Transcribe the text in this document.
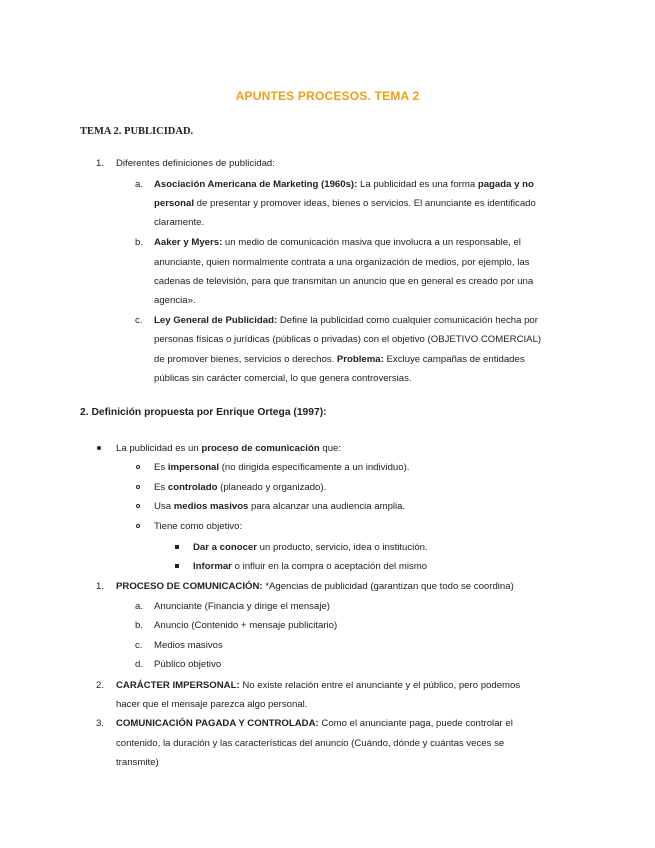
APUNTES PROCESOS. TEMA 2
TEMA 2. PUBLICIDAD.
1. Diferentes definiciones de publicidad:
a. Asociación Americana de Marketing (1960s): La publicidad es una forma pagada y no
personal de presentar y promover ideas, bienes o servicios. El anunciante es identificado
claramente.
b. Aaker y Myers: un medio de comunicación masiva que involucra a un responsable, el
anunciante, quien normalmente contrata a una organización de medios, por ejemplo, las
cadenas de televisión, para que transmitan un anuncio que en general es creado por una
agencia».
c. Ley General de Publicidad: Define la publicidad como cualquier comunicación hecha por
personas físicas o jurídicas (públicas o privadas) con el objetivo (OBJETIVO COMERCIAL)
de promover bienes, servicios o derechos. Problema: Excluye campañas de entidades
públicas sin carácter comercial, lo que genera controversias.
2. Definición propuesta por Enrique Ortega (1997):
La publicidad es un proceso de comunicación que:
Es impersonal (no dirigida específicamente a un individuo).
Es controlado (planeado y organizado).
Usa medios masivos para alcanzar una audiencia amplia.
Tiene como objetivo:
Dar a conocer un producto, servicio, idea o institución.
Informar o influir en la compra o aceptación del mismo
1. PROCESO DE COMUNICACIÓN: *Agencias de publicidad (garantizan que todo se coordina)
a. Anunciante (Financia y dirige el mensaje)
b. Anuncio (Contenido + mensaje publicitario)
c. Medios masivos
d. Público objetivo
2. CARÁCTER IMPERSONAL: No existe relación entre el anunciante y el público, pero podemos
hacer que el mensaje parezca algo personal.
3. COMUNICACIÓN PAGADA Y CONTROLADA: Como el anunciante paga, puede controlar el
contenido, la duración y las características del anuncio (Cuándo, dónde y cuántas veces se
transmite)
